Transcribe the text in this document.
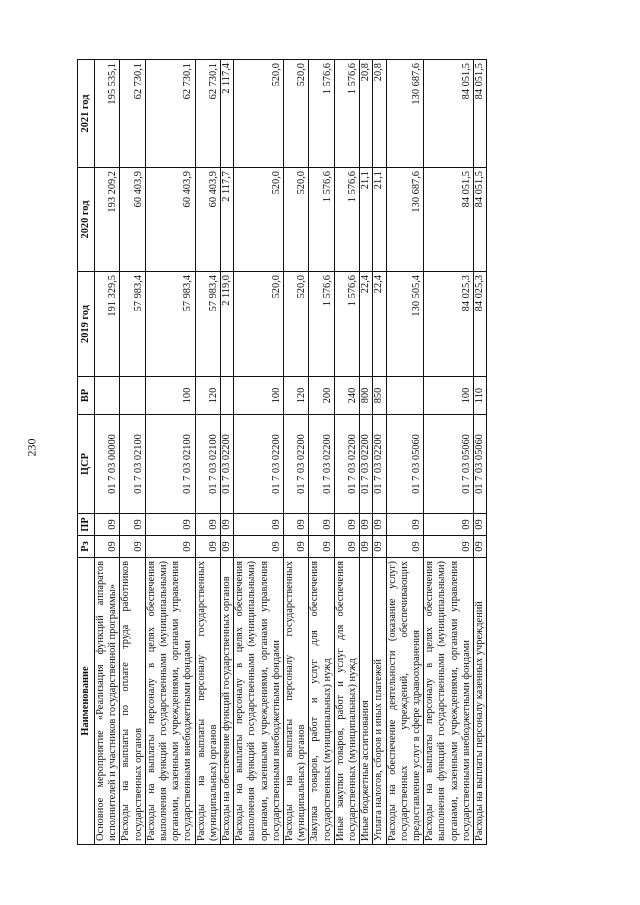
230
Наименование	Рз	ПР	ЦСР	ВР	2019 год	2020 год	2021 год
Основное мероприятие «Реализация функций аппаратов исполнителей и участников государственной программы»	09	09	01 7 03 00000		191 329,5	193 209,2	195 535,1
Расходы на выплаты по оплате труда работников государственных органов	09	09	01 7 03 02100		57 983,4	60 403,9	62 730,1
Расходы на выплаты персоналу в целях обеспечения выполнения функций государственными (муниципальными) органами, казенными учреждениями, органами управления государственными внебюджетными фондами	09	09	01 7 03 02100	100	57 983,4	60 403,9	62 730,1
Расходы на выплаты персоналу государственных (муниципальных) органов	09	09	01 7 03 02100	120	57 983,4	60 403,9	62 730,1
Расходы на обеспечение функций государственных органов	09	09	01 7 03 02200		2 119,0	2 117,7	2 117,4
Расходы на выплаты персоналу в целях обеспечения выполнения функций государственными (муниципальными) органами, казенными учреждениями, органами управления государственными внебюджетными фондами	09	09	01 7 03 02200	100	520,0	520,0	520,0
Расходы на выплаты персоналу государственных (муниципальных) органов	09	09	01 7 03 02200	120	520,0	520,0	520,0
Закупка товаров, работ и услуг для обеспечения государственных (муниципальных) нужд	09	09	01 7 03 02200	200	1 576,6	1 576,6	1 576,6
Иные закупки товаров, работ и услуг для обеспечения государственных (муниципальных) нужд	09	09	01 7 03 02200	240	1 576,6	1 576,6	1 576,6
Иные бюджетные ассигнования	09	09	01 7 03 02200	800	22,4	21,1	20,8
Уплата налогов, сборов и иных платежей	09	09	01 7 03 02200	850	22,4	21,1	20,8
Расходы на обеспечение деятельности (оказание услуг) государственных учреждений, обеспечивающих предоставление услуг в сфере здравоохранения	09	09	01 7 03 05060		130 505,4	130 687,6	130 687,6
Расходы на выплаты персоналу в целях обеспечения выполнения функций государственными (муниципальными) органами, казенными учреждениями, органами управления государственными внебюджетными фондами	09	09	01 7 03 05060	100	84 025,3	84 051,5	84 051,5
Расходы на выплаты персоналу казенных учреждений	09	09	01 7 03 05060	110	84 025,3	84 051,5	84 051,5
